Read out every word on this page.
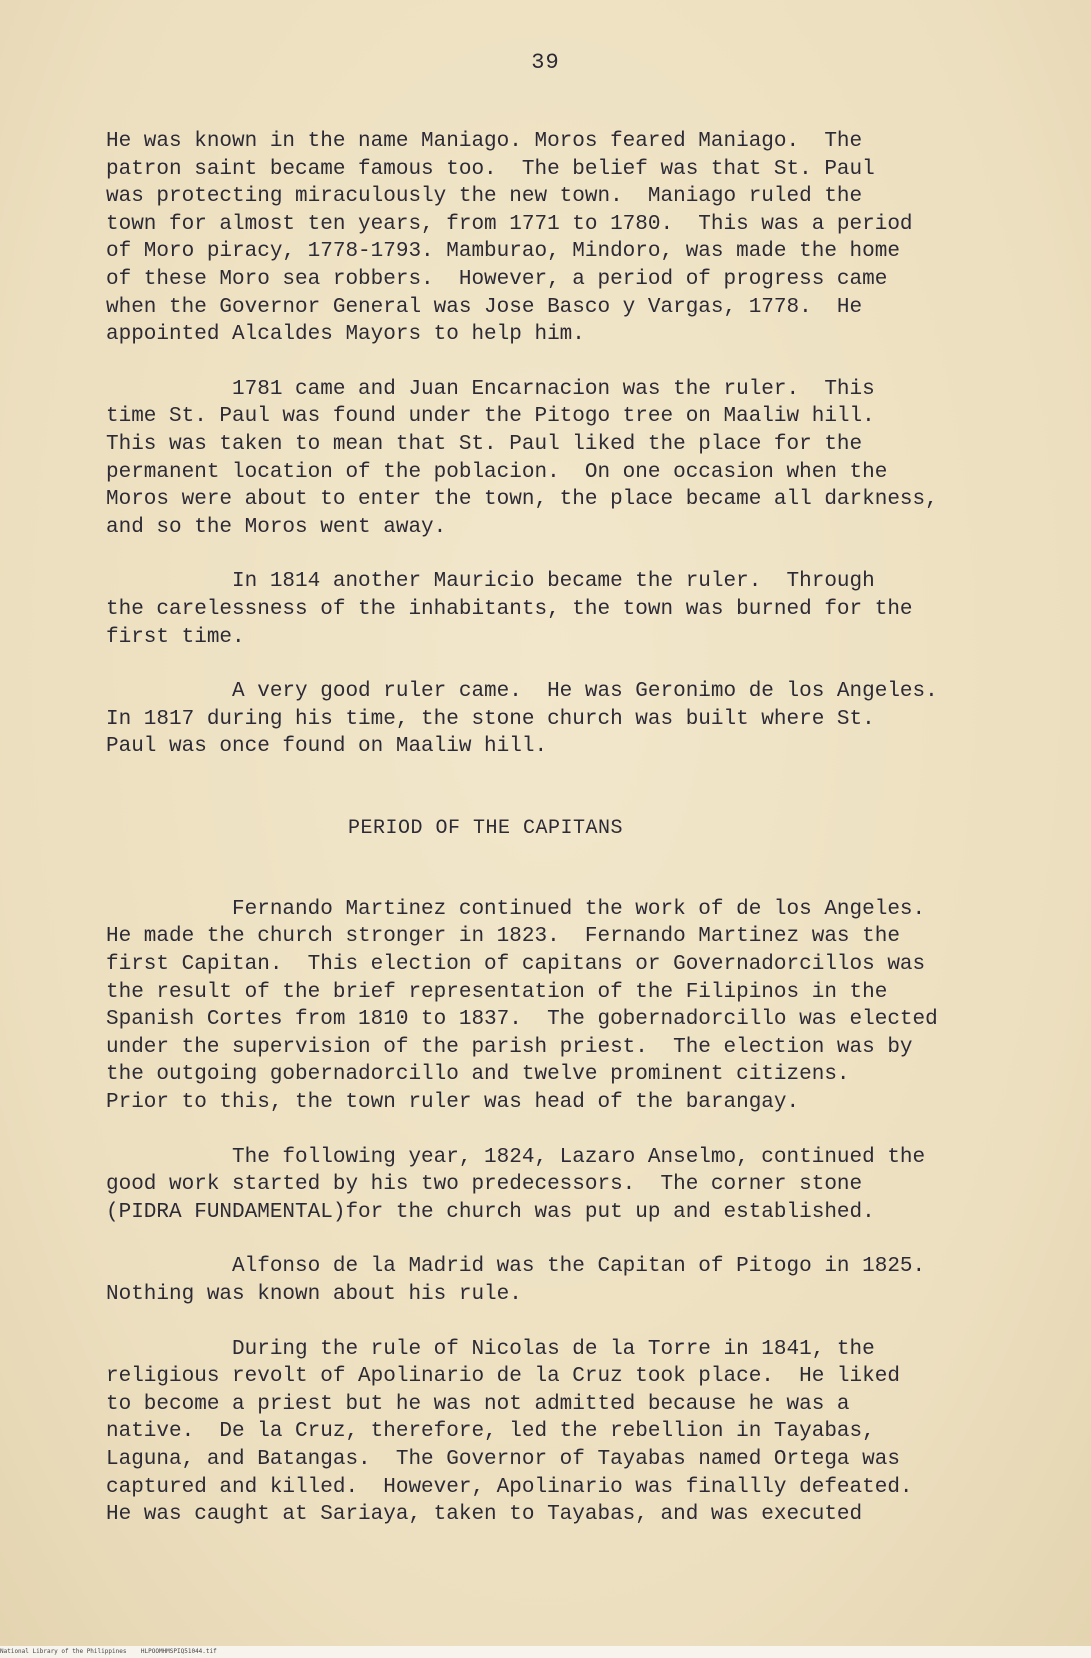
39
He was known in the name Maniago. Moros feared Maniago.  The
patron saint became famous too.  The belief was that St. Paul
was protecting miraculously the new town.  Maniago ruled the
town for almost ten years, from 1771 to 1780.  This was a period
of Moro piracy, 1778-1793. Mamburao, Mindoro, was made the home
of these Moro sea robbers.  However, a period of progress came
when the Governor General was Jose Basco y Vargas, 1778.  He
appointed Alcaldes Mayors to help him.
1781 came and Juan Encarnacion was the ruler.  This
time St. Paul was found under the Pitogo tree on Maaliw hill.
This was taken to mean that St. Paul liked the place for the
permanent location of the poblacion.  On one occasion when the
Moros were about to enter the town, the place became all darkness,
and so the Moros went away.
In 1814 another Mauricio became the ruler.  Through
the carelessness of the inhabitants, the town was burned for the
first time.
A very good ruler came.  He was Geronimo de los Angeles.
In 1817 during his time, the stone church was built where St.
Paul was once found on Maaliw hill.
PERIOD OF THE CAPITANS
Fernando Martinez continued the work of de los Angeles.
He made the church stronger in 1823.  Fernando Martinez was the
first Capitan.  This election of capitans or Governadorcillos was
the result of the brief representation of the Filipinos in the
Spanish Cortes from 1810 to 1837.  The gobernadorcillo was elected
under the supervision of the parish priest.  The election was by
the outgoing gobernadorcillo and twelve prominent citizens.
Prior to this, the town ruler was head of the barangay.
The following year, 1824, Lazaro Anselmo, continued the
good work started by his two predecessors.  The corner stone
(PIDRA FUNDAMENTAL)for the church was put up and established.
Alfonso de la Madrid was the Capitan of Pitogo in 1825.
Nothing was known about his rule.
During the rule of Nicolas de la Torre in 1841, the
religious revolt of Apolinario de la Cruz took place.  He liked
to become a priest but he was not admitted because he was a
native.  De la Cruz, therefore, led the rebellion in Tayabas,
Laguna, and Batangas.  The Governor of Tayabas named Ortega was
captured and killed.  However, Apolinario was finallly defeated.
He was caught at Sariaya, taken to Tayabas, and was executed
National Library of the Philippines    HLPOOMHMSPIQ51044.tif
